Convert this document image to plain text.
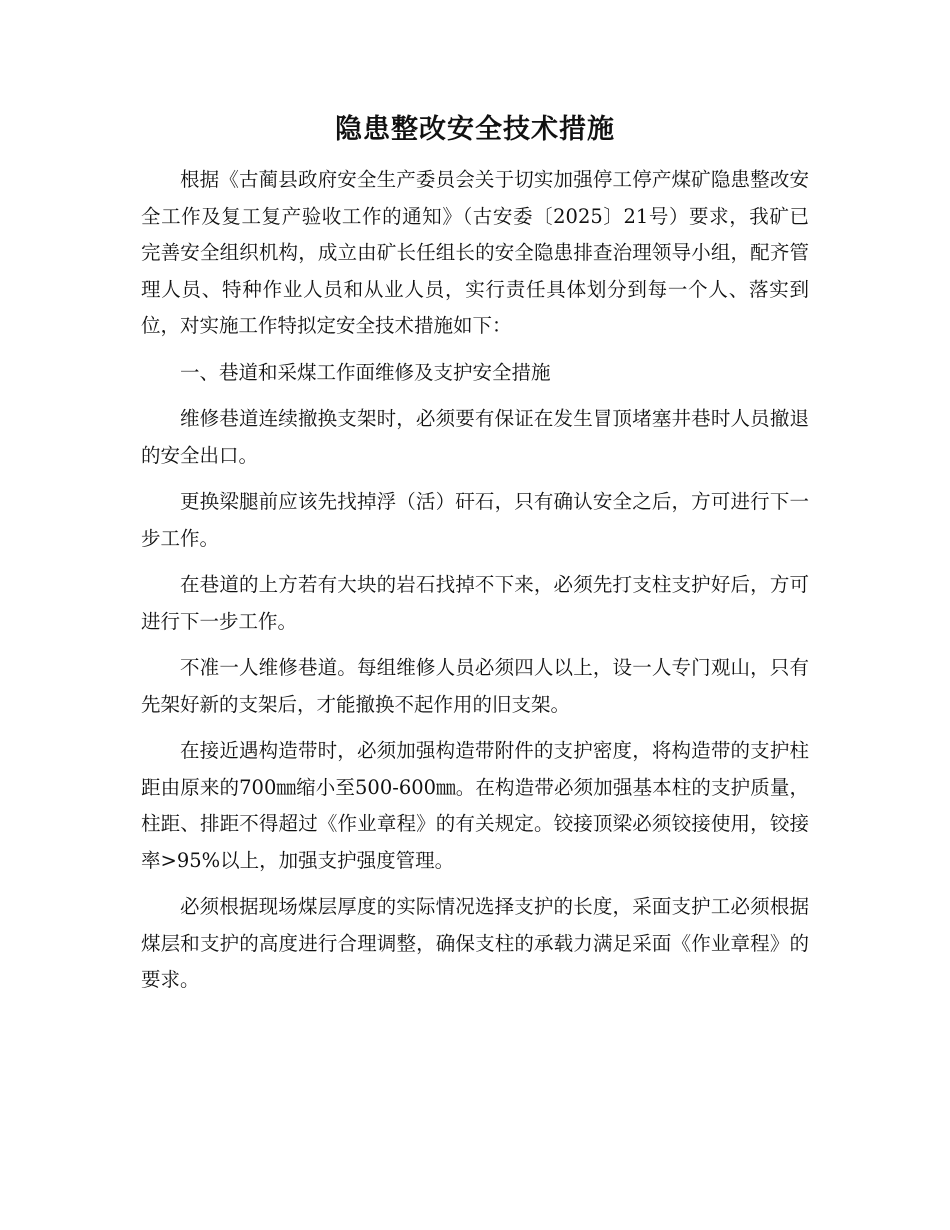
隐患整改安全技术措施

根据《古蔺县政府安全生产委员会关于切实加强停工停产煤矿隐患整改安全工作及复工复产验收工作的通知》（古安委〔2025〕21号）要求，我矿已完善安全组织机构，成立由矿长任组长的安全隐患排查治理领导小组，配齐管理人员、特种作业人员和从业人员，实行责任具体划分到每一个人、落实到位，对实施工作特拟定安全技术措施如下：

一、巷道和采煤工作面维修及支护安全措施

维修巷道连续撤换支架时，必须要有保证在发生冒顶堵塞井巷时人员撤退的安全出口。

更换梁腿前应该先找掉浮（活）矸石，只有确认安全之后，方可进行下一步工作。

在巷道的上方若有大块的岩石找掉不下来，必须先打支柱支护好后，方可进行下一步工作。

不准一人维修巷道。每组维修人员必须四人以上，设一人专门观山，只有先架好新的支架后，才能撤换不起作用的旧支架。

在接近遇构造带时，必须加强构造带附件的支护密度，将构造带的支护柱距由原来的700㎜缩小至500-600㎜。在构造带必须加强基本柱的支护质量，柱距、排距不得超过《作业章程》的有关规定。铰接顶梁必须铰接使用，铰接率>95%以上，加强支护强度管理。

必须根据现场煤层厚度的实际情况选择支护的长度，采面支护工必须根据煤层和支护的高度进行合理调整，确保支柱的承载力满足采面《作业章程》的要求。
